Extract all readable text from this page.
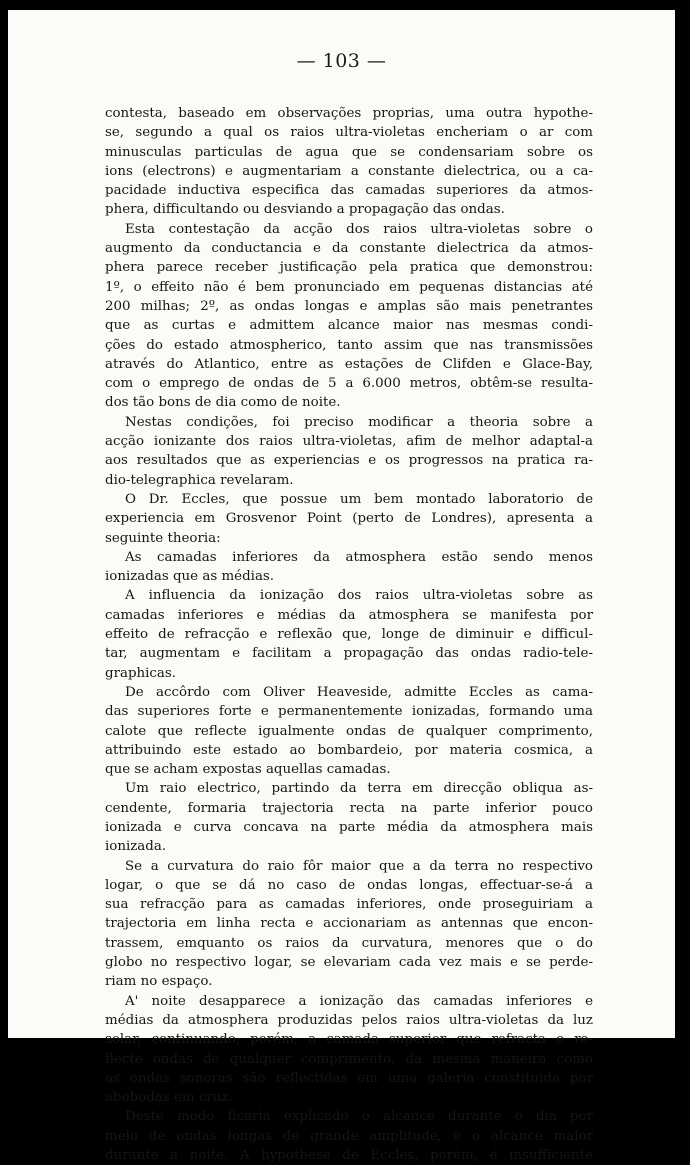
— 103 —
contesta, baseado em observações proprias, uma outra hypothe-
se, segundo a qual os raios ultra-violetas encheriam o ar com
minusculas particulas de agua que se condensariam sobre os
ions (electrons) e augmentariam a constante dielectrica, ou a ca-
pacidade inductiva especifica das camadas superiores da atmos-
phera, difficultando ou desviando a propagação das ondas.
Esta contestação da acção dos raios ultra-violetas sobre o
augmento da conductancia e da constante dielectrica da atmos-
phera parece receber justificação pela pratica que demonstrou:
1º, o effeito não é bem pronunciado em pequenas distancias até
200 milhas; 2º, as ondas longas e amplas são mais penetrantes
que as curtas e admittem alcance maior nas mesmas condi-
ções do estado atmospherico, tanto assim que nas transmissões
através do Atlantico, entre as estações de Clifden e Glace-Bay,
com o emprego de ondas de 5 a 6.000 metros, obtêm-se resulta-
dos tão bons de dia como de noite.
Nestas condições, foi preciso modificar a theoria sobre a
acção ionizante dos raios ultra-violetas, afim de melhor adaptal-a
aos resultados que as experiencias e os progressos na pratica ra-
dio-telegraphica revelaram.
O Dr. Eccles, que possue um bem montado laboratorio de
experiencia em Grosvenor Point (perto de Londres), apresenta a
seguinte theoria:
As camadas inferiores da atmosphera estão sendo menos
ionizadas que as médias.
A influencia da ionização dos raios ultra-violetas sobre as
camadas inferiores e médias da atmosphera se manifesta por
effeito de refracção e reflexão que, longe de diminuir e difficul-
tar, augmentam e facilitam a propagação das ondas radio-tele-
graphicas.
De accôrdo com Oliver Heaveside, admitte Eccles as cama-
das superiores forte e permanentemente ionizadas, formando uma
calote que reflecte igualmente ondas de qualquer comprimento,
attribuindo este estado ao bombardeio, por materia cosmica, a
que se acham expostas aquellas camadas.
Um raio electrico, partindo da terra em direcção obliqua as-
cendente, formaria trajectoria recta na parte inferior pouco
ionizada e curva concava na parte média da atmosphera mais
ionizada.
Se a curvatura do raio fôr maior que a da terra no respectivo
logar, o que se dá no caso de ondas longas, effectuar-se-á a
sua refracção para as camadas inferiores, onde proseguiriam a
trajectoria em linha recta e accionariam as antennas que encon-
trassem, emquanto os raios da curvatura, menores que o do
globo no respectivo logar, se elevariam cada vez mais e se perde-
riam no espaço.
A' noite desapparece a ionização das camadas inferiores e
médias da atmosphera produzidas pelos raios ultra-violetas da luz
solar, continuando, porém, a camada superior que refracta e re-
flecte ondas de qualquer comprimento, da mesma maneira como
as ondas sonoras são reflectidas em uma galeria constituida por
abobodas em cruz.
Deste modo ficaria explicado o alcance durante o dia por
meio de ondas longas de grande amplitude, e o alcance maior
durante a noite. A hypothese de Eccles, porém, é insufficiente
